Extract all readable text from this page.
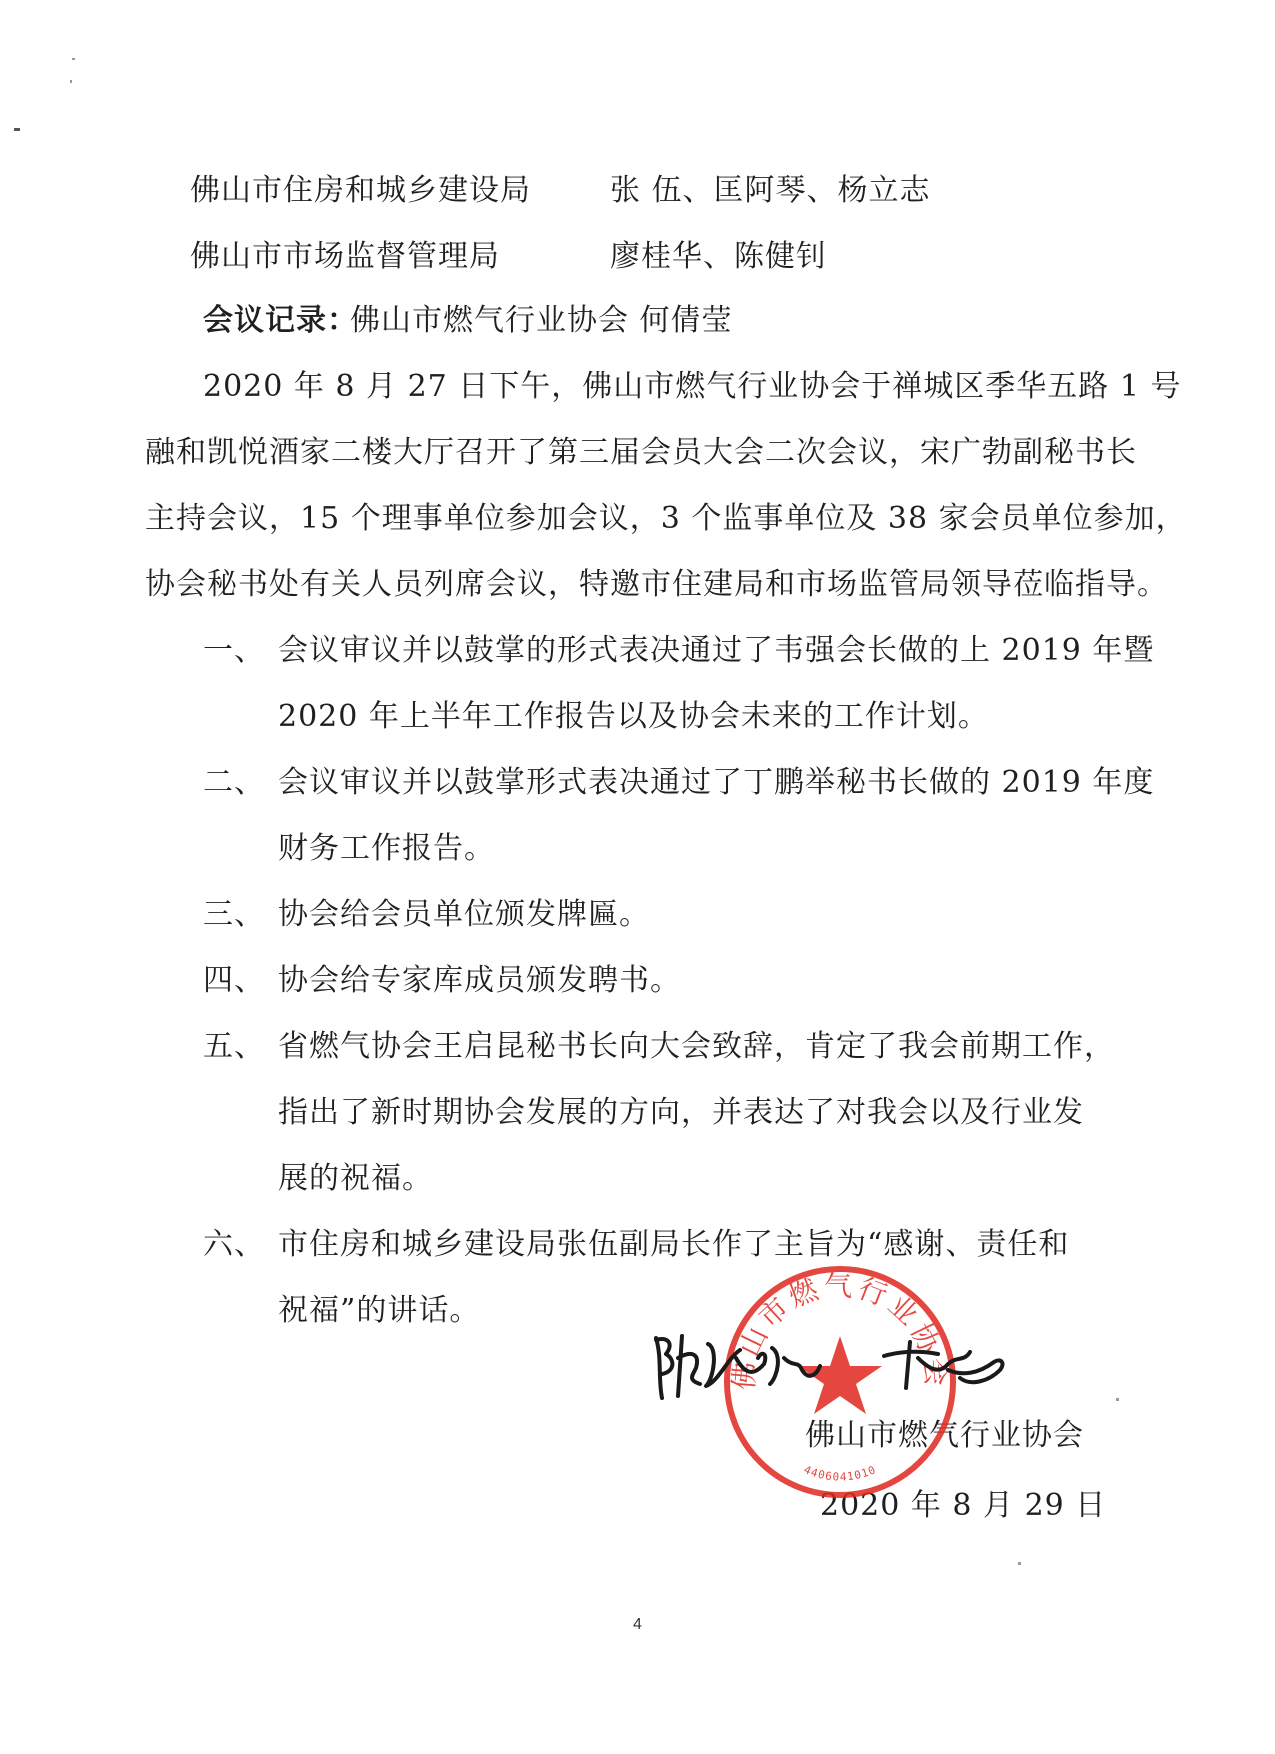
佛山市住房和城乡建设局	张 伍、匡阿琴、杨立志
佛山市市场监督管理局	廖桂华、陈健钊
会议记录：
佛山市燃气行业协会 何倩莹
2020 年 8 月 27 日下午，佛山市燃气行业协会于禅城区季华五路 1 号
融和凯悦酒家二楼大厅召开了第三届会员大会二次会议，宋广勃副秘书长
主持会议，15 个理事单位参加会议，3 个监事单位及 38 家会员单位参加，
协会秘书处有关人员列席会议，特邀市住建局和市场监管局领导莅临指导。
一、 会议审议并以鼓掌的形式表决通过了韦强会长做的上 2019 年暨
2020 年上半年工作报告以及协会未来的工作计划。
二、 会议审议并以鼓掌形式表决通过了丁鹏举秘书长做的 2019 年度
财务工作报告。
三、 协会给会员单位颁发牌匾。
四、 协会给专家库成员颁发聘书。
五、 省燃气协会王启昆秘书长向大会致辞，肯定了我会前期工作，
指出了新时期协会发展的方向，并表达了对我会以及行业发
展的祝福。
六、 市住房和城乡建设局张伍副局长作了主旨为“感谢、责任和
祝福”的讲话。
佛山市燃气行业协会
2020 年 8 月 29 日
佛山市燃气行业协会
4406041010
4
